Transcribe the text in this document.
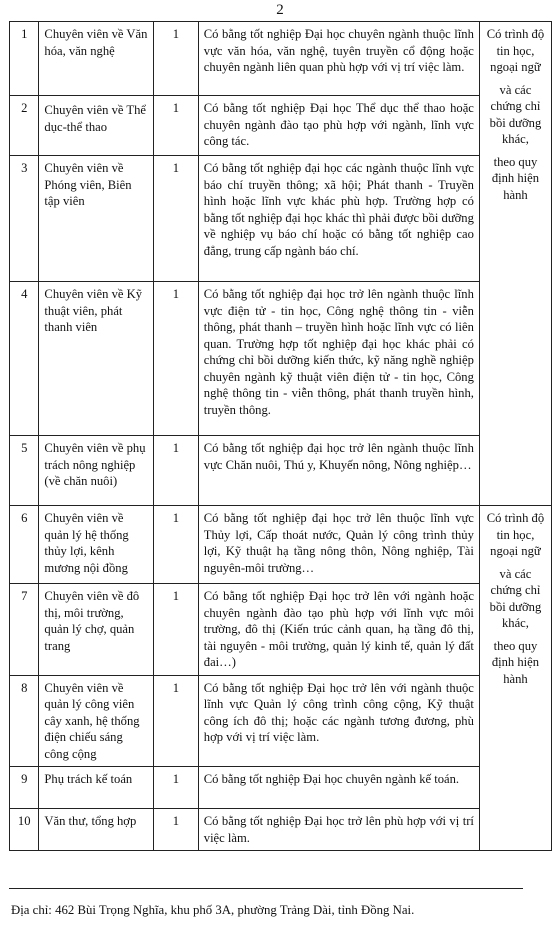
2
1	Chuyên viên về Văn hóa, văn nghệ	1	Có bằng tốt nghiệp Đại học chuyên ngành thuộc lĩnh vực văn hóa, văn nghệ, tuyên truyền cổ động hoặc chuyên ngành liên quan phù hợp với vị trí việc làm.	Có trình độ tin học, ngoại ngữ
và các chứng chỉ bồi dưỡng khác,
theo quy định hiện hành

2	Chuyên viên về Thể dục-thể thao	1	Có bằng tốt nghiệp Đại học Thể dục thể thao hoặc chuyên ngành đào tạo phù hợp với ngành, lĩnh vực công tác.	
3	Chuyên viên về Phóng viên, Biên tập viên	1	Có bằng tốt nghiệp đại học các ngành thuộc lĩnh vực báo chí truyền thông; xã hội; Phát thanh - Truyền hình hoặc lĩnh vực khác phù hợp. Trường hợp có bằng tốt nghiệp đại học khác thì phải được bồi dưỡng về nghiệp vụ báo chí hoặc có bằng tốt nghiệp cao đẳng, trung cấp ngành báo chí.	
4	Chuyên viên về Kỹ thuật viên, phát thanh viên	1	Có bằng tốt nghiệp đại học trở lên ngành thuộc lĩnh vực điện tử - tin học, Công nghệ thông tin - viễn thông, phát thanh – truyền hình hoặc lĩnh vực có liên quan. Trường hợp tốt nghiệp đại học khác phải có chứng chỉ bồi dưỡng kiến thức, kỹ năng nghề nghiệp chuyên ngành kỹ thuật viên điện tử - tin học, Công nghệ thông tin - viễn thông, phát thanh truyền hình, truyền thông.	
5	Chuyên viên về phụ trách nông nghiệp (về chăn nuôi)	1	Có bằng tốt nghiệp đại học trở lên ngành thuộc lĩnh vực Chăn nuôi, Thú y, Khuyến nông, Nông nghiệp…	
6	Chuyên viên về quản lý hệ thống thủy lợi, kênh mương nội đồng	1	Có bằng tốt nghiệp đại học trở lên thuộc lĩnh vực Thủy lợi, Cấp thoát nước, Quản lý công trình thủy lợi, Kỹ thuật hạ tầng nông thôn, Nông nghiệp, Tài nguyên-môi trường…	Có trình độ tin học, ngoại ngữ
và các chứng chỉ bồi dưỡng khác,
theo quy định hiện hành

7	Chuyên viên về đô thị, môi trường, quản lý chợ, quản trang	1	Có bằng tốt nghiệp Đại học trở lên với ngành hoặc chuyên ngành đào tạo phù hợp với lĩnh vực môi trường, đô thị (Kiến trúc cảnh quan, hạ tầng đô thị, tài nguyên - môi trường, quản lý kinh tế, quản lý đất đai…)	
8	Chuyên viên về quản lý công viên cây xanh, hệ thống điện chiếu sáng công cộng	1	Có bằng tốt nghiệp Đại học trở lên với ngành thuộc lĩnh vực Quản lý công trình công cộng, Kỹ thuật công ích đô thị; hoặc các ngành tương đương, phù hợp với vị trí việc làm.	
9	Phụ trách kế toán	1	Có bằng tốt nghiệp Đại học chuyên ngành kế toán.	
10	Văn thư, tổng hợp	1	Có bằng tốt nghiệp Đại học trở lên phù hợp với vị trí việc làm.	
Địa chỉ: 462 Bùi Trọng Nghĩa, khu phố 3A, phường Trảng Dài, tỉnh Đồng Nai.
